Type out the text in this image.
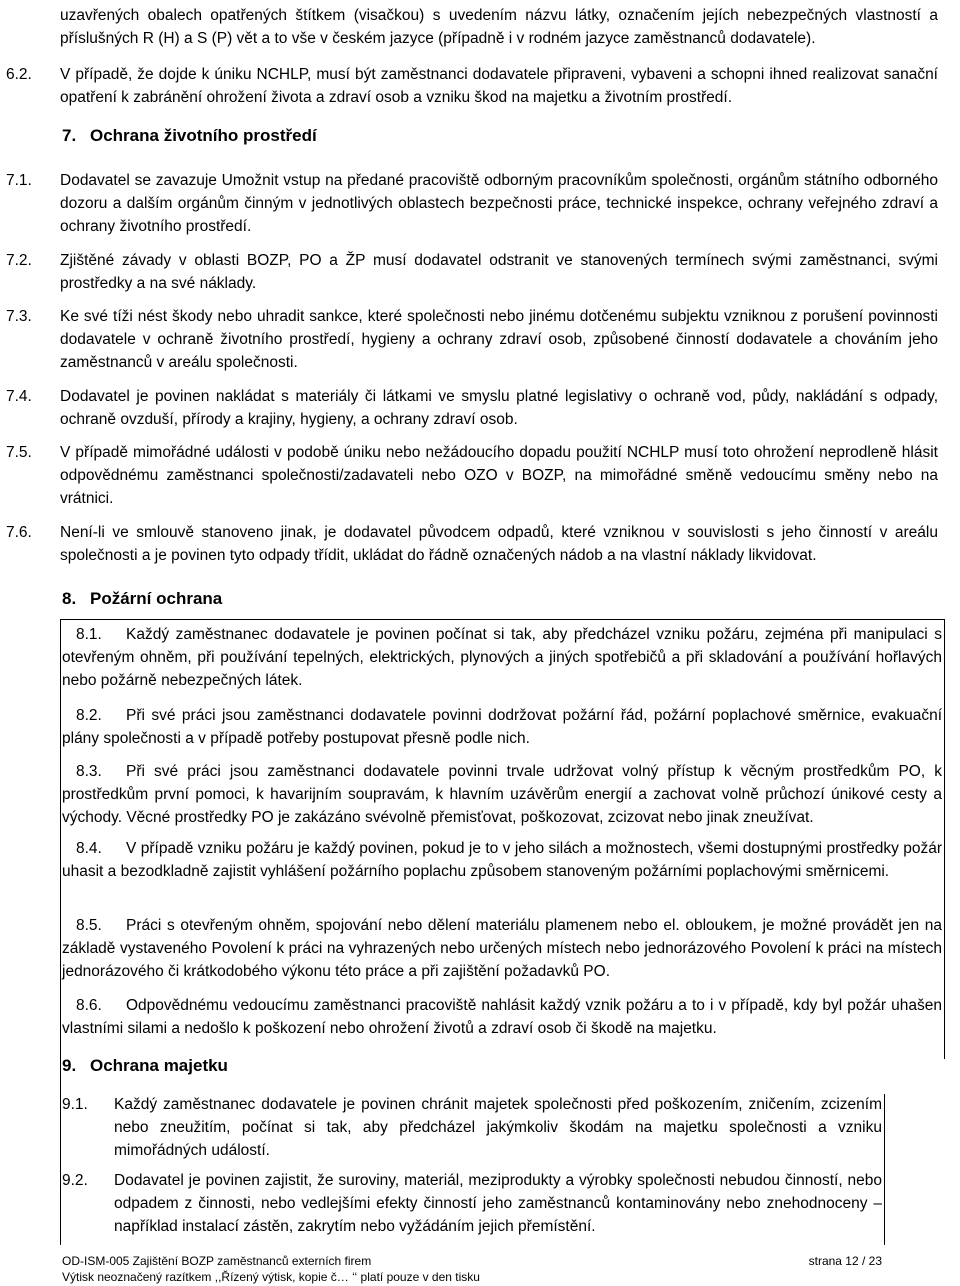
uzavřených obalech opatřených štítkem (visačkou) s uvedením názvu látky, označením jejích nebezpečných vlastností a příslušných R (H) a S (P) vět a to vše v českém jazyce (případně i v rodném jazyce zaměstnanců dodavatele).
6.2. V případě, že dojde k úniku NCHLP, musí být zaměstnanci dodavatele připraveni, vybaveni a schopni ihned realizovat sanační opatření k zabránění ohrožení života a zdraví osob a vzniku škod na majetku a životním prostředí.
7. Ochrana životního prostředí
7.1. Dodavatel se zavazuje Umožnit vstup na předané pracoviště odborným pracovníkům společnosti, orgánům státního odborného dozoru a dalším orgánům činným v jednotlivých oblastech bezpečnosti práce, technické inspekce, ochrany veřejného zdraví a ochrany životního prostředí.
7.2. Zjištěné závady v oblasti BOZP, PO a ŽP musí dodavatel odstranit ve stanovených termínech svými zaměstnanci, svými prostředky a na své náklady.
7.3. Ke své tíži nést škody nebo uhradit sankce, které společnosti nebo jinému dotčenému subjektu vzniknou z porušení povinnosti dodavatele v ochraně životního prostředí, hygieny a ochrany zdraví osob, způsobené činností dodavatele a chováním jeho zaměstnanců v areálu společnosti.
7.4. Dodavatel je povinen nakládat s materiály či látkami ve smyslu platné legislativy o ochraně vod, půdy, nakládání s odpady, ochraně ovzduší, přírody a krajiny, hygieny, a ochrany zdraví osob.
7.5. V případě mimořádné události v podobě úniku nebo nežádoucího dopadu použití NCHLP musí toto ohrožení neprodleně hlásit odpovědnému zaměstnanci společnosti/zadavateli nebo OZO v BOZP, na mimořádné směně vedoucímu směny nebo na vrátnici.
7.6. Není-li ve smlouvě stanoveno jinak, je dodavatel původcem odpadů, které vzniknou v souvislosti s jeho činností v areálu společnosti a je povinen tyto odpady třídit, ukládat do řádně označených nádob a na vlastní náklady likvidovat.
8. Požární ochrana
8.1.	Každý zaměstnanec dodavatele je povinen počínat si tak, aby předcházel vzniku požáru, zejména při manipulaci s otevřeným ohněm, při používání tepelných, elektrických, plynových a jiných spotřebičů a při skladování a používání hořlavých nebo požárně nebezpečných látek.
8.2.	Při své práci jsou zaměstnanci dodavatele povinni dodržovat požární řád, požární poplachové směrnice, evakuační plány společnosti a v případě potřeby postupovat přesně podle nich.
8.3.	Při své práci jsou zaměstnanci dodavatele povinni trvale udržovat volný přístup k věcným prostředkům PO, k prostředkům první pomoci, k havarijním soupravám, k hlavním uzávěrům energií a zachovat volně průchozí únikové cesty a východy. Věcné prostředky PO je zakázáno svévolně přemisťovat, poškozovat, zcizovat nebo jinak zneužívat.
8.4.	V případě vzniku požáru je každý povinen, pokud je to v jeho silách a možnostech, všemi dostupnými prostředky požár uhasit a bezodkladně zajistit vyhlášení požárního poplachu způsobem stanoveným požárními poplachovými směrnicemi.
8.5.	Práci s otevřeným ohněm, spojování nebo dělení materiálu plamenem nebo el. obloukem, je možné provádět jen na základě vystaveného Povolení k práci na vyhrazených nebo určených místech nebo jednorázového Povolení k práci na místech jednorázového či krátkodobého výkonu této práce a při zajištění požadavků PO.
8.6.	Odpovědnému vedoucímu zaměstnanci pracoviště nahlásit každý vznik požáru a to i v případě, kdy byl požár uhašen vlastními silami a nedošlo k poškození nebo ohrožení životů a zdraví osob či škodě na majetku.
9. Ochrana majetku
9.1. Každý zaměstnanec dodavatele je povinen chránit majetek společnosti před poškozením, zničením, zcizením nebo zneužitím, počínat si tak, aby předcházel jakýmkoliv škodám na majetku společnosti a vzniku mimořádných událostí.
9.2. Dodavatel je povinen zajistit, že suroviny, materiál, meziprodukty a výrobky společnosti nebudou činností, nebo odpadem z činnosti, nebo vedlejšími efekty činností jeho zaměstnanců kontaminovány nebo znehodnoceny – například instalací zástěn, zakrytím nebo vyžádáním jejich přemístění.
OD-ISM-005 Zajištění BOZP zaměstnanců externích firem
Výtisk neoznačený razítkem ,,Řízený výtisk, kopie č… ‘‘ platí pouze v den tisku
strana 12 / 23
